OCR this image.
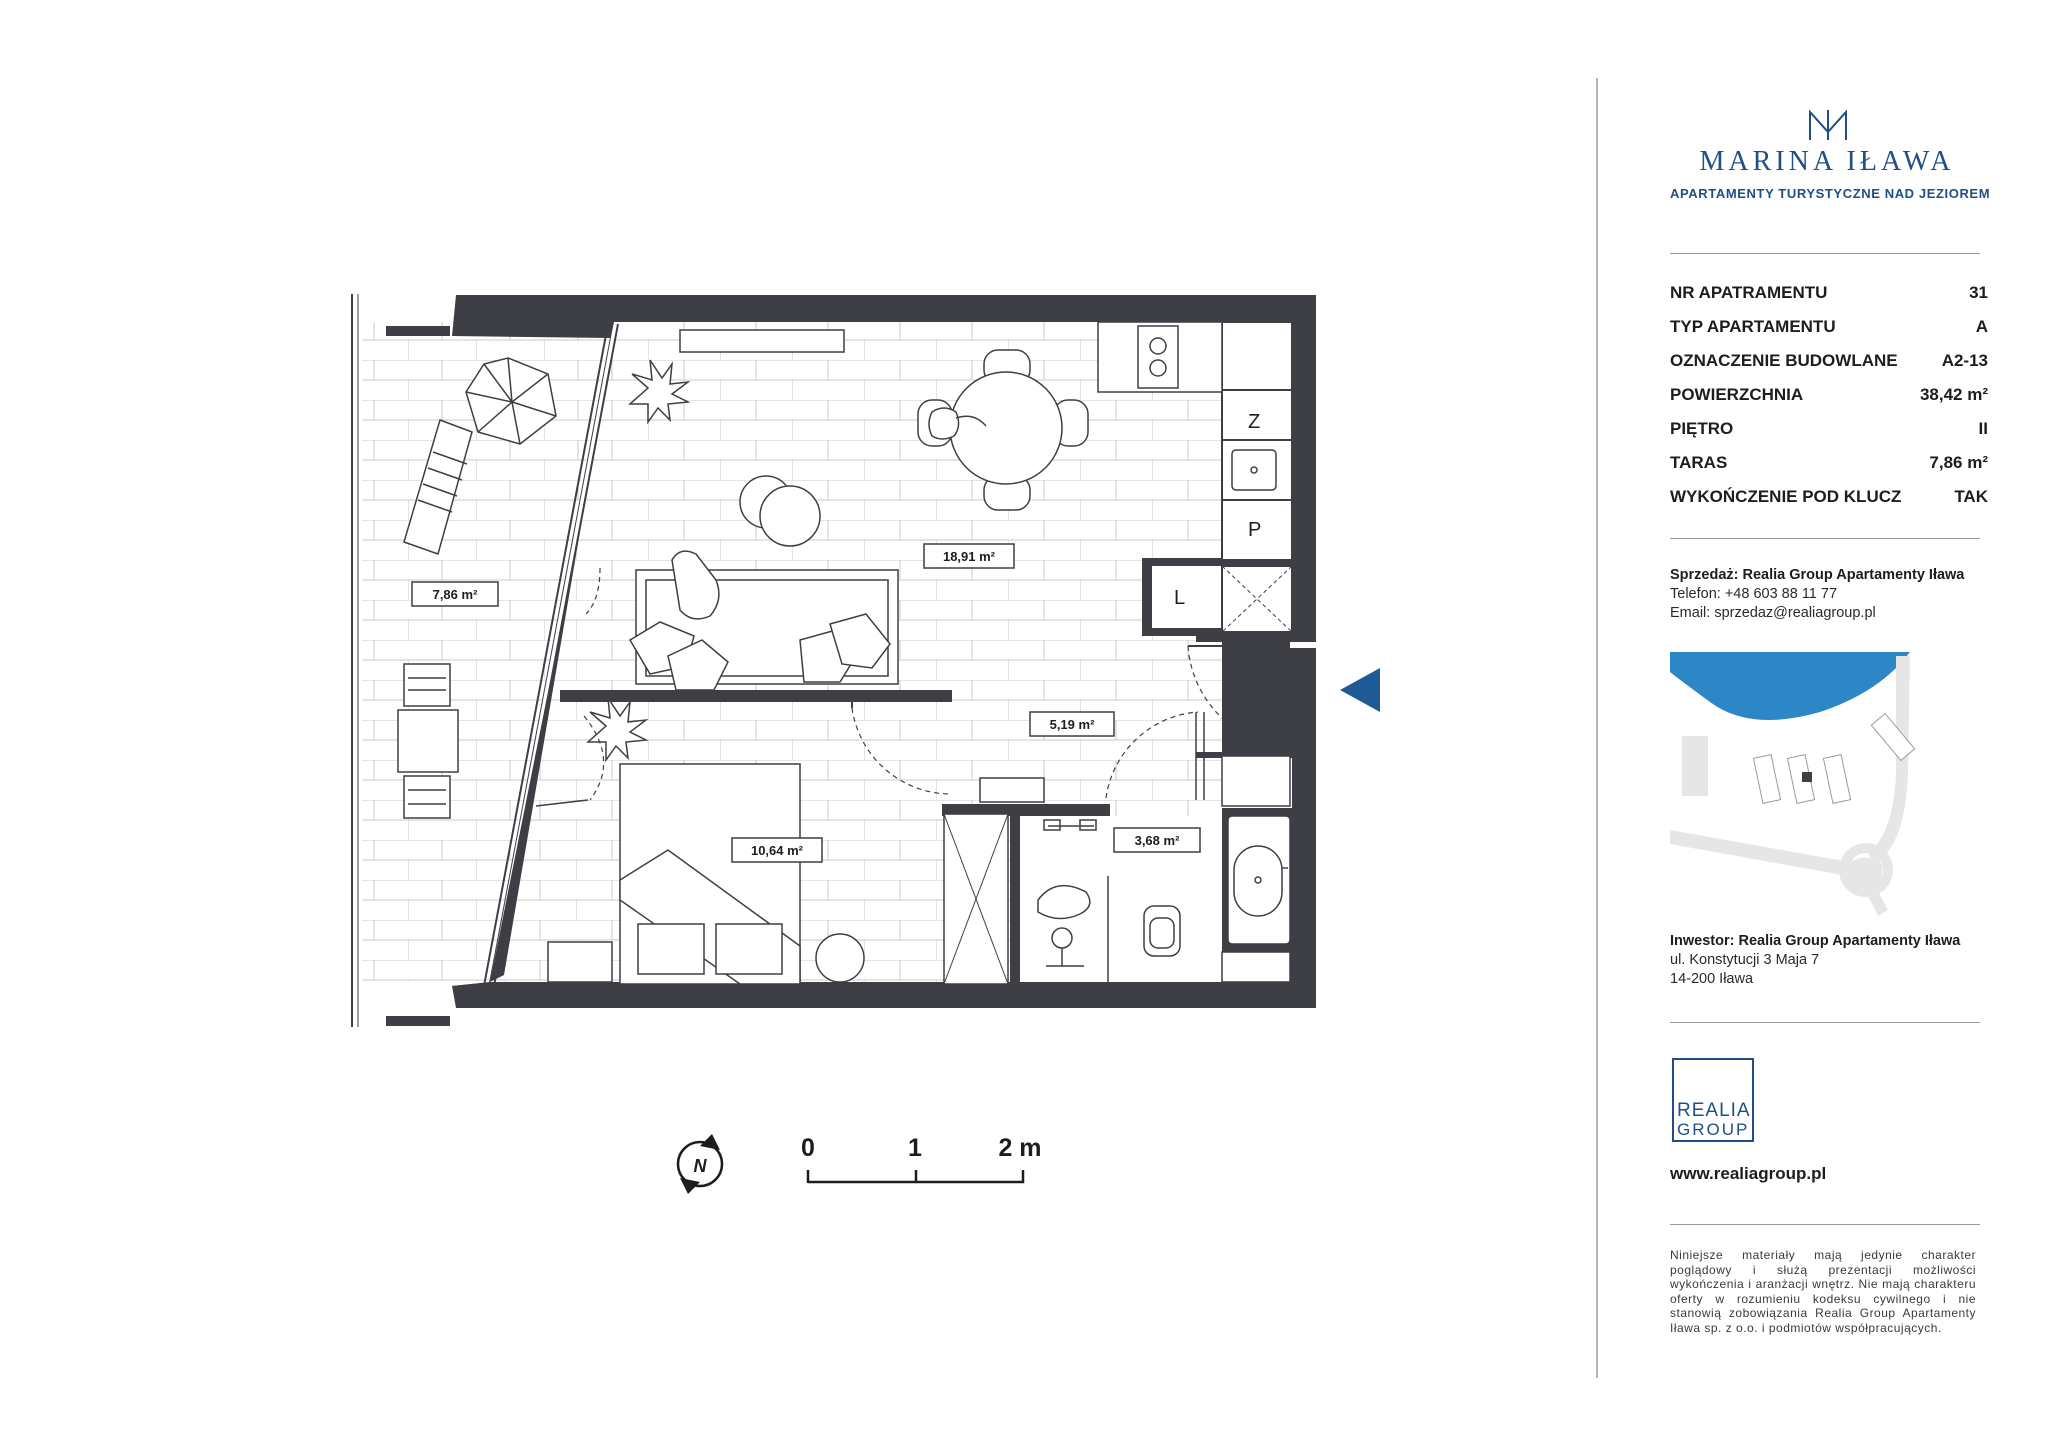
Z
P
L
7,86 m²
18,91 m²
5,19 m²
10,64 m²
3,68 m²
N
0	1	2 m
MARINA IŁAWA
APARTAMENTY TURYSTYCZNE NAD JEZIOREM
NR APATRAMENTU	31
TYP APARTAMENTU	A
OZNACZENIE BUDOWLANE	A2-13
POWIERZCHNIA	38,42 m²
PIĘTRO	II
TARAS	7,86 m²
WYKOŃCZENIE POD KLUCZ	TAK
Sprzedaż: Realia Group Apartamenty Iława
Telefon: +48 603 88 11 77
Email: sprzedaz@realiagroup.pl
Inwestor: Realia Group Apartamenty Iława
ul. Konstytucji 3 Maja 7
14-200 Iława
REALIA
GROUP
www.realiagroup.pl
Niniejsze materiały mają jedynie charakter poglądowy i służą prezentacji możliwości wykończenia i aranżacji wnętrz. Nie mają charakteru oferty w rozumieniu kodeksu cywilnego i nie stanowią zobowiązania Realia Group Apartamenty Iława sp. z o.o. i podmiotów współpracujących.
